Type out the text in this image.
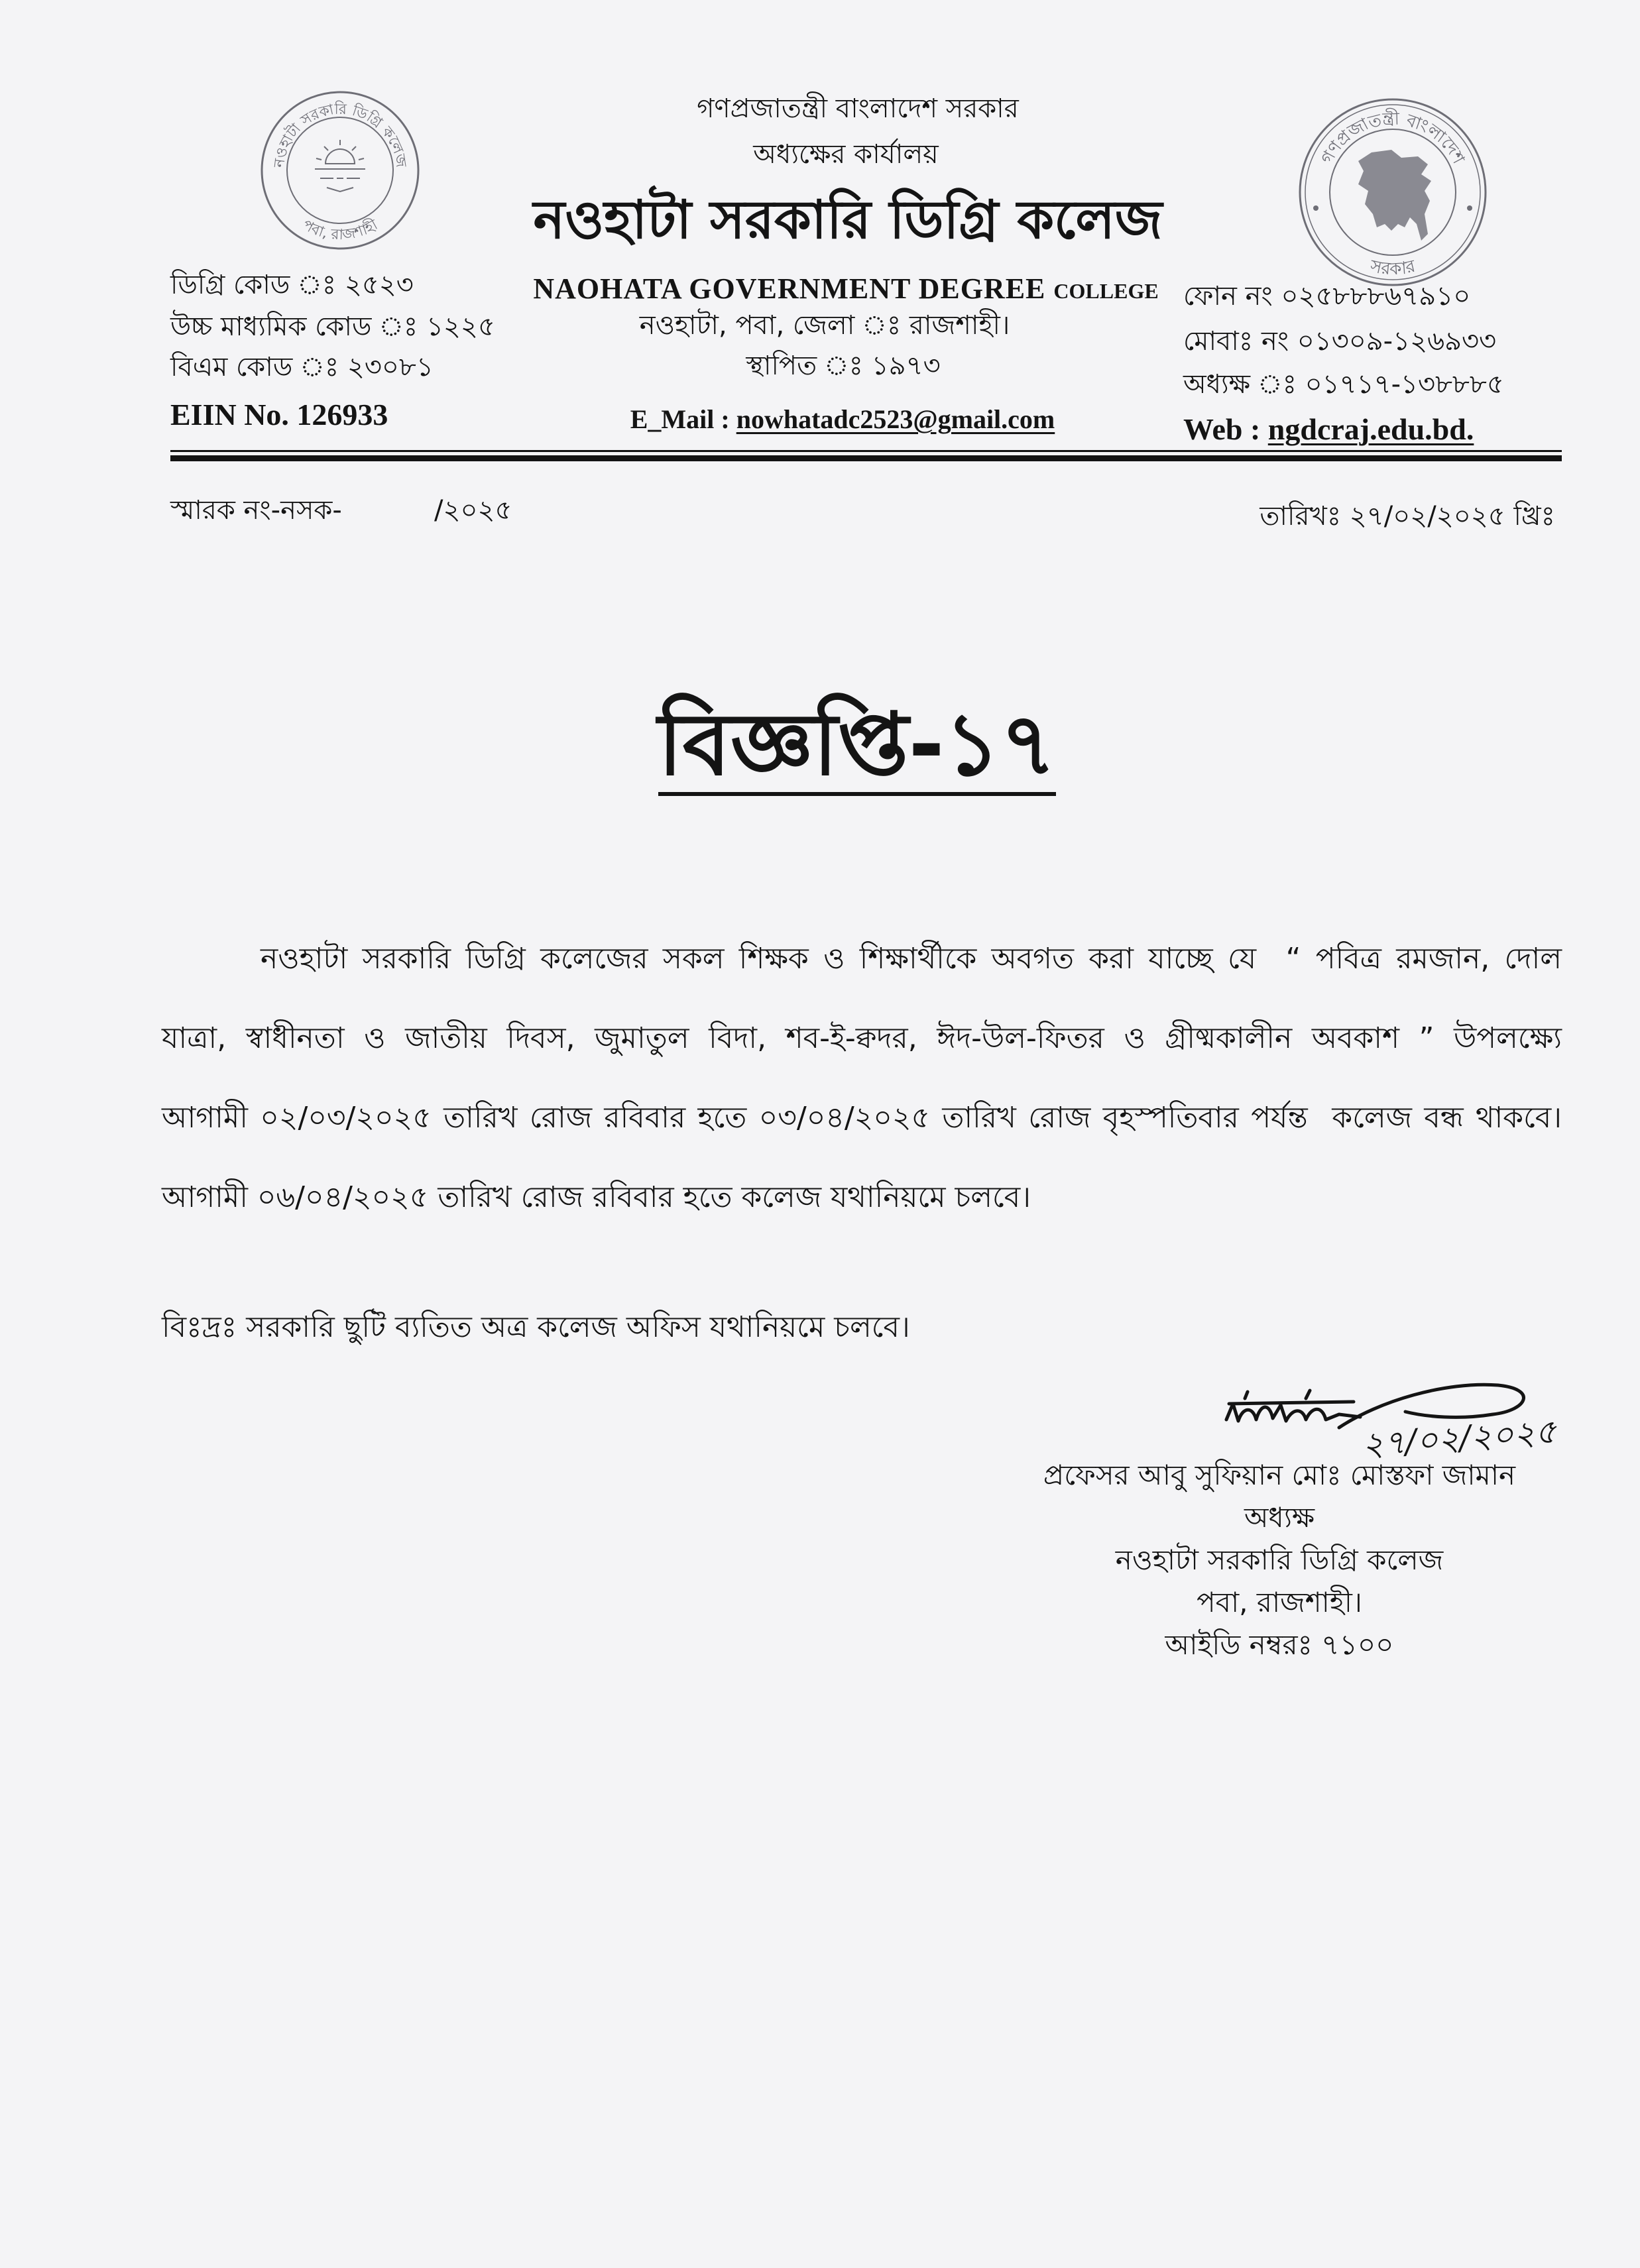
নওহাটা সরকারি ডিগ্রি কলেজ
পবা, রাজশাহী
গণপ্রজাতন্ত্রী বাংলাদেশ
সরকার
গণপ্রজাতন্ত্রী বাংলাদেশ সরকার
অধ্যক্ষের কার্যালয়
নওহাটা সরকারি ডিগ্রি কলেজ
NAOHATA GOVERNMENT DEGREE COLLEGE
নওহাটা, পবা, জেলা ঃ রাজশাহী।
স্থাপিত ঃ ১৯৭৩
E_Mail : nowhatadc2523@gmail.com
ডিগ্রি কোড ঃ ২৫২৩
উচ্চ মাধ্যমিক কোড ঃ ১২২৫
বিএম কোড ঃ ২৩০৮১
EIIN No. 126933
ফোন নং ০২৫৮৮৮৬৭৯১০
মোবাঃ নং ০১৩০৯-১২৬৯৩৩
অধ্যক্ষ ঃ ০১৭১৭-১৩৮৮৮৫
Web : ngdcraj.edu.bd.
স্মারক নং-নসক-	/২০২৫	তারিখঃ ২৭/০২/২০২৫ খ্রিঃ
বিজ্ঞপ্তি-১৭
নওহাটা সরকারি ডিগ্রি কলেজের সকল শিক্ষক ও শিক্ষার্থীকে অবগত করা যাচ্ছে যে  “ পবিত্র রমজান, দোল
যাত্রা, স্বাধীনতা ও জাতীয় দিবস, জুমাতুল বিদা, শব-ই-ক্বদর, ঈদ-উল-ফিতর ও গ্রীষ্মকালীন অবকাশ ” উপলক্ষ্যে
আগামী ০২/০৩/২০২৫ তারিখ রোজ রবিবার হতে ০৩/০৪/২০২৫ তারিখ রোজ বৃহস্পতিবার পর্যন্ত  কলেজ বন্ধ থাকবে।
আগামী ০৬/০৪/২০২৫ তারিখ রোজ রবিবার হতে কলেজ যথানিয়মে চলবে।
বিঃদ্রঃ সরকারি ছুটি ব্যতিত অত্র কলেজ অফিস যথানিয়মে চলবে।
২৭/০২/২০২৫
প্রফেসর আবু সুফিয়ান মোঃ মোস্তফা জামান
অধ্যক্ষ
নওহাটা সরকারি ডিগ্রি কলেজ
পবা, রাজশাহী।
আইডি নম্বরঃ ৭১০০
